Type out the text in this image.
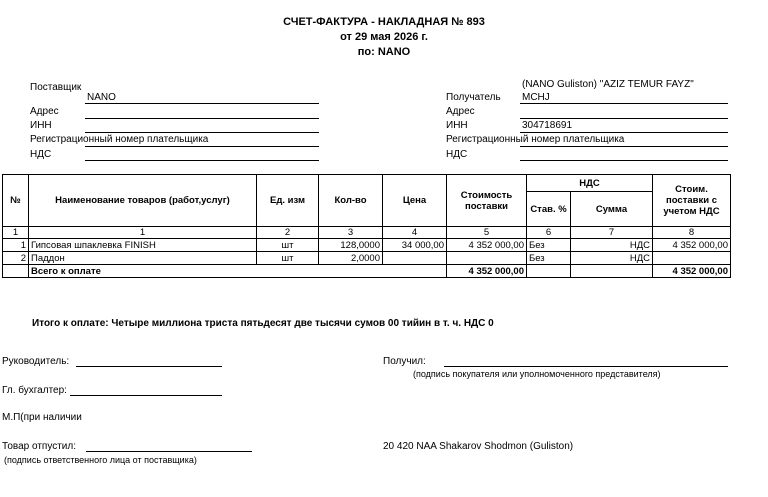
СЧЕТ-ФАКТУРА - НАКЛАДНАЯ № 893
от 29 мая 2026 г.
по: NANO
Поставщик
NANO
Адрес
ИНН
Регистрационный номер плательщика
НДС
(NANO Guliston) "AZIZ TEMUR FAYZ"
Получатель MCHJ
Адрес
ИНН	304718691
Регистрационный номер плательщика
НДС
№	Наименование товаров (работ,услуг)	Ед. изм	Кол-во	Цена	Стоимость поставки	НДС		Стоим. поставки с учетом НДС
						Став. %	Сумма	
1	1	2	3	4	5	6	7	8
1	Гипсовая шпаклевка FINISH	шт	128,0000	34 000,00	4 352 000,00	Без	НДС	4 352 000,00
2	Паддон	шт	2,0000			Без	НДС	
	Всего к оплате				4 352 000,00			4 352 000,00
Итого к оплате: Четыре миллиона триста пятьдесят две тысячи сумов 00 тийин в т. ч. НДС 0
Руководитель:
Гл. бухгалтер:
М.П(при наличии
Товар отпустил:
(подпись ответственного лица от поставщика)
Получил:
(подпись покупателя или уполномоченного представителя)
20 420 NAA Shakarov Shodmon (Guliston)
